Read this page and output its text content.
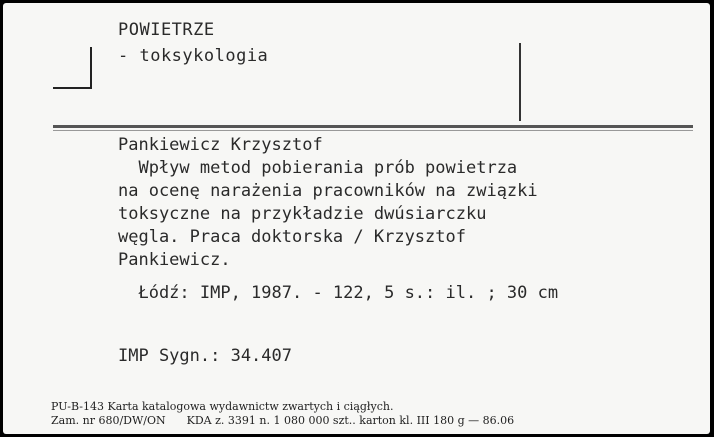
POWIETRZE
- toksykologia
Pankiewicz Krzysztof
Wpływ metod pobierania prób powietrza
na ocenę narażenia pracowników na związki
toksyczne na przykładzie dwúsiarczku
węgla. Praca doktorska / Krzysztof
Pankiewicz.
Łódź: IMP, 1987. - 122, 5 s.: il. ; 30 cm
IMP Sygn.: 34.407
PU-B-143 Karta katalogowa wydawnictw zwartych i ciągłych.
Zam. nr 680/DW/ON      KDA z. 3391 n. 1 080 000 szt.. karton kl. III 180 g — 86.06
